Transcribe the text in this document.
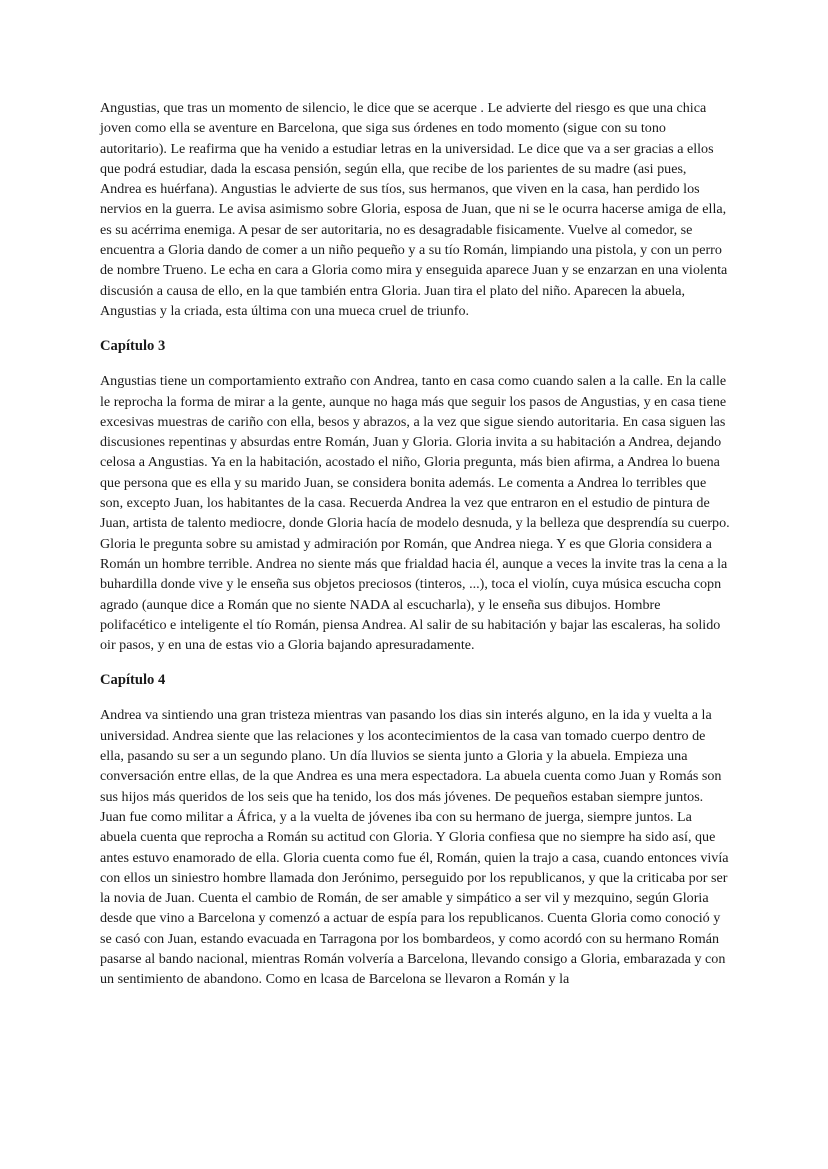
Angustias, que tras un momento de silencio, le dice que se acerque . Le advierte del riesgo es que una chica joven como ella se aventure en Barcelona, que siga sus órdenes en todo momento (sigue con su tono autoritario). Le reafirma que ha venido a estudiar letras en la universidad. Le dice que va a ser gracias a ellos que podrá estudiar, dada la escasa pensión, según ella, que recibe de los parientes de su madre (asi pues, Andrea es huérfana). Angustias le advierte de sus tíos, sus hermanos, que viven en la casa, han perdido los nervios en la guerra. Le avisa asimismo sobre Gloria, esposa de Juan, que ni se le ocurra hacerse amiga de ella, es su acérrima enemiga. A pesar de ser autoritaria, no es desagradable fisicamente. Vuelve al comedor, se encuentra a Gloria dando de comer a un niño pequeño y a su tío Román, limpiando una pistola, y con un perro de nombre Trueno. Le echa en cara a Gloria como mira y enseguida aparece Juan y se enzarzan en una violenta discusión a causa de ello, en la que también entra Gloria. Juan tira el plato del niño. Aparecen la abuela, Angustias y la criada, esta última con una mueca cruel de triunfo.

Capítulo 3

Angustias tiene un comportamiento extraño con Andrea, tanto en casa como cuando salen a la calle. En la calle le reprocha la forma de mirar a la gente, aunque no haga más que seguir los pasos de Angustias, y en casa tiene excesivas muestras de cariño con ella, besos y abrazos, a la vez que sigue siendo autoritaria. En casa siguen las discusiones repentinas y absurdas entre Román, Juan y Gloria. Gloria invita a su habitación a Andrea, dejando celosa a Angustias. Ya en la habitación, acostado el niño, Gloria pregunta, más bien afirma, a Andrea lo buena que persona que es ella y su marido Juan, se considera bonita además. Le comenta a Andrea lo terribles que son, excepto Juan, los habitantes de la casa. Recuerda Andrea la vez que entraron en el estudio de pintura de Juan, artista de talento mediocre, donde Gloria hacía de modelo desnuda, y la belleza que desprendía su cuerpo. Gloria le pregunta sobre su amistad y admiración por Román, que Andrea niega. Y es que Gloria considera a Román un hombre terrible. Andrea no siente más que frialdad hacia él, aunque a veces la invite tras la cena a la buhardilla donde vive y le enseña sus objetos preciosos (tinteros, ...), toca el violín, cuya música escucha copn agrado (aunque dice a Román que no siente NADA al escucharla), y le enseña sus dibujos. Hombre polifacético e inteligente el tío Román, piensa Andrea. Al salir de su habitación y bajar las escaleras, ha solido oir pasos, y en una de estas vio a Gloria bajando apresuradamente.

Capítulo 4

Andrea va sintiendo una gran tristeza mientras van pasando los dias sin interés alguno, en la ida y vuelta a la universidad. Andrea siente que las relaciones y los acontecimientos de la casa van tomado cuerpo dentro de ella, pasando su ser a un segundo plano. Un día lluvios se sienta junto a Gloria y la abuela. Empieza una conversación entre ellas, de la que Andrea es una mera espectadora. La abuela cuenta como Juan y Romás son sus hijos más queridos de los seis que ha tenido, los dos más jóvenes. De pequeños estaban siempre juntos. Juan fue como militar a África, y a la vuelta de jóvenes iba con su hermano de juerga, siempre juntos. La abuela cuenta que reprocha a Román su actitud con Gloria. Y Gloria confiesa que no siempre ha sido así, que antes estuvo enamorado de ella. Gloria cuenta como fue él, Román, quien la trajo a casa, cuando entonces vivía con ellos un siniestro hombre llamada don Jerónimo, perseguido por los republicanos, y que la criticaba por ser la novia de Juan. Cuenta el cambio de Román, de ser amable y simpático a ser vil y mezquino, según Gloria desde que vino a Barcelona y comenzó a actuar de espía para los republicanos. Cuenta Gloria como conoció y se casó con Juan, estando evacuada en Tarragona por los bombardeos, y como acordó con su hermano Román pasarse al bando nacional, mientras Román volvería a Barcelona, llevando consigo a Gloria, embarazada y con un sentimiento de abandono. Como en lcasa de Barcelona se llevaron a Román y la
